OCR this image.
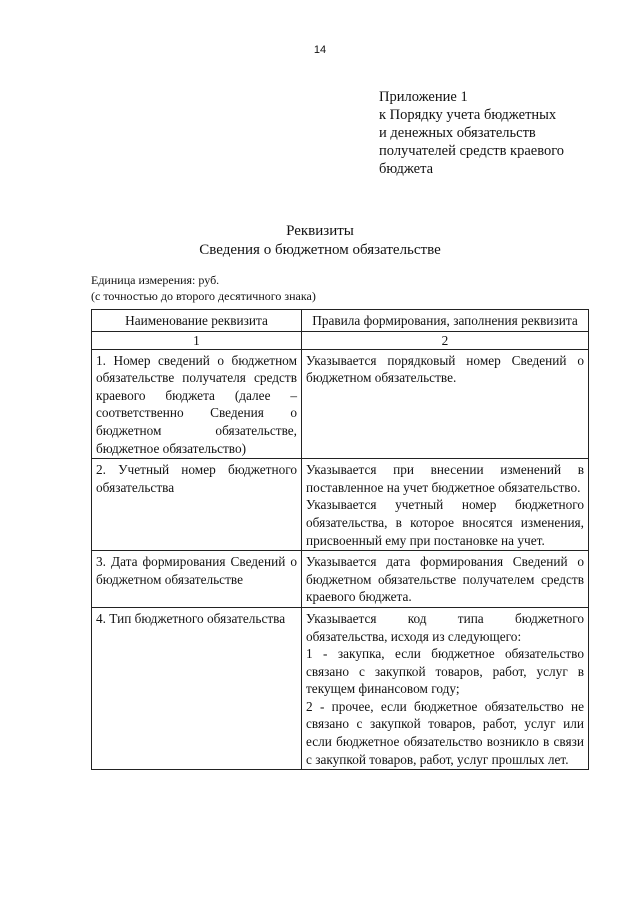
14
Приложение 1
к Порядку учета бюджетных
и денежных обязательств
получателей средств краевого
бюджета
Реквизиты
Сведения о бюджетном обязательстве
Единица измерения: руб.
(с точностью до второго десятичного знака)
Наименование реквизита	Правила формирования, заполнения реквизита
1	2
1. Номер сведений о бюджетном обязательстве получателя средств краевого бюджета (далее – соответственно Сведения о бюджетном обязательстве, бюджетное обязательство)	Указывается порядковый номер Сведений о бюджетном обязательстве.

2. Учетный номер бюджетного обязательства	Указывается при внесении изменений в поставленное на учет бюджетное обязательство.

Указывается учетный номер бюджетного обязательства, в которое вносятся изменения, присвоенный ему при постановке на учет.

3. Дата формирования Сведений о бюджетном обязательстве	Указывается дата формирования Сведений о бюджетном обязательстве получателем средств краевого бюджета.

4. Тип бюджетного обязательства	Указывается код типа бюджетного обязательства, исходя из следующего:

1 - закупка, если бюджетное обязательство связано с закупкой товаров, работ, услуг в текущем финансовом году;

2 - прочее, если бюджетное обязательство не связано с закупкой товаров, работ, услуг или если бюджетное обязательство возникло в связи с закупкой товаров, работ, услуг прошлых лет.
